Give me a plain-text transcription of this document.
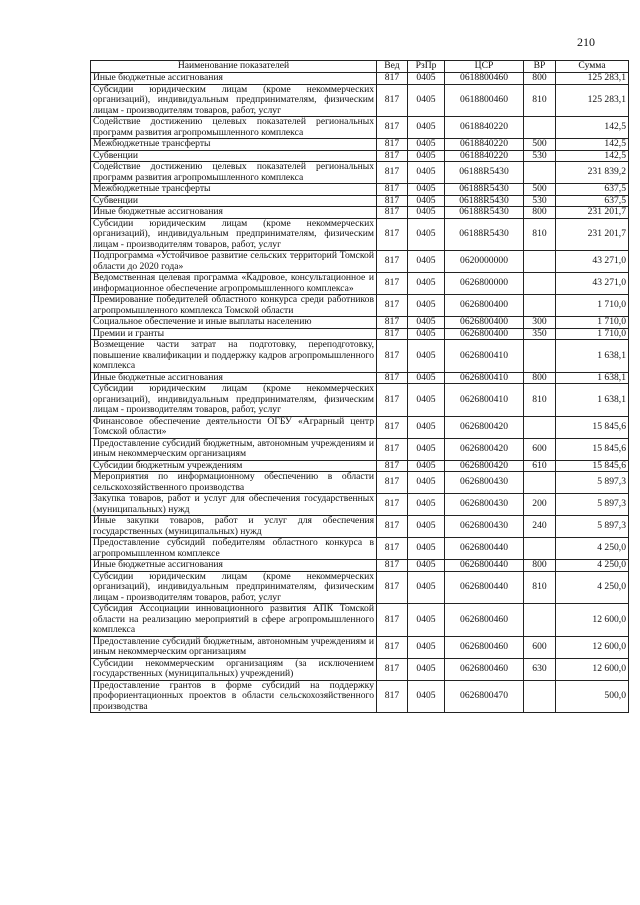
210
Наименование показателей	Вед	РзПр	ЦСР	ВР	Сумма
Иные бюджетные ассигнования	817	0405	0618800460	800	125 283,1
Субсидии юридическим лицам (кроме некоммерческих организаций), индивидуальным предпринимателям, физическим лицам - производителям товаров, работ, услуг	817	0405	0618800460	810	125 283,1
Содействие достижению целевых показателей региональных программ развития агропромышленного комплекса	817	0405	0618840220		142,5
Межбюджетные трансферты	817	0405	0618840220	500	142,5
Субвенции	817	0405	0618840220	530	142,5
Содействие достижению целевых показателей региональных программ развития агропромышленного комплекса	817	0405	06188R5430		231 839,2
Межбюджетные трансферты	817	0405	06188R5430	500	637,5
Субвенции	817	0405	06188R5430	530	637,5
Иные бюджетные ассигнования	817	0405	06188R5430	800	231 201,7
Субсидии юридическим лицам (кроме некоммерческих организаций), индивидуальным предпринимателям, физическим лицам - производителям товаров, работ, услуг	817	0405	06188R5430	810	231 201,7
Подпрограмма «Устойчивое развитие сельских территорий Томской области до 2020 года»	817	0405	0620000000		43 271,0
Ведомственная целевая программа «Кадровое, консультационное и информационное обеспечение агропромышленного комплекса»	817	0405	0626800000		43 271,0
Премирование победителей областного конкурса среди работников агропромышленного комплекса Томской области	817	0405	0626800400		1 710,0
Социальное обеспечение и иные выплаты населению	817	0405	0626800400	300	1 710,0
Премии и гранты	817	0405	0626800400	350	1 710,0
Возмещение части затрат на подготовку, переподготовку, повышение квалификации и поддержку кадров агропромышленного комплекса	817	0405	0626800410		1 638,1
Иные бюджетные ассигнования	817	0405	0626800410	800	1 638,1
Субсидии юридическим лицам (кроме некоммерческих организаций), индивидуальным предпринимателям, физическим лицам - производителям товаров, работ, услуг	817	0405	0626800410	810	1 638,1
Финансовое обеспечение деятельности ОГБУ «Аграрный центр Томской области»	817	0405	0626800420		15 845,6
Предоставление субсидий бюджетным, автономным учреждениям и иным некоммерческим организациям	817	0405	0626800420	600	15 845,6
Субсидии бюджетным учреждениям	817	0405	0626800420	610	15 845,6
Мероприятия по информационному обеспечению в области сельскохозяйственного производства	817	0405	0626800430		5 897,3
Закупка товаров, работ и услуг для обеспечения государственных (муниципальных) нужд	817	0405	0626800430	200	5 897,3
Иные закупки товаров, работ и услуг для обеспечения государственных (муниципальных) нужд	817	0405	0626800430	240	5 897,3
Предоставление субсидий победителям областного конкурса в агропромышленном комплексе	817	0405	0626800440		4 250,0
Иные бюджетные ассигнования	817	0405	0626800440	800	4 250,0
Субсидии юридическим лицам (кроме некоммерческих организаций), индивидуальным предпринимателям, физическим лицам - производителям товаров, работ, услуг	817	0405	0626800440	810	4 250,0
Субсидия Ассоциации инновационного развития АПК Томской области на реализацию мероприятий в сфере агропромышленного комплекса	817	0405	0626800460		12 600,0
Предоставление субсидий бюджетным, автономным учреждениям и иным некоммерческим организациям	817	0405	0626800460	600	12 600,0
Субсидии некоммерческим организациям (за исключением государственных (муниципальных) учреждений)	817	0405	0626800460	630	12 600,0
Предоставление грантов в форме субсидий на поддержку профориентационных проектов в области сельскохозяйственного производства	817	0405	0626800470		500,0
